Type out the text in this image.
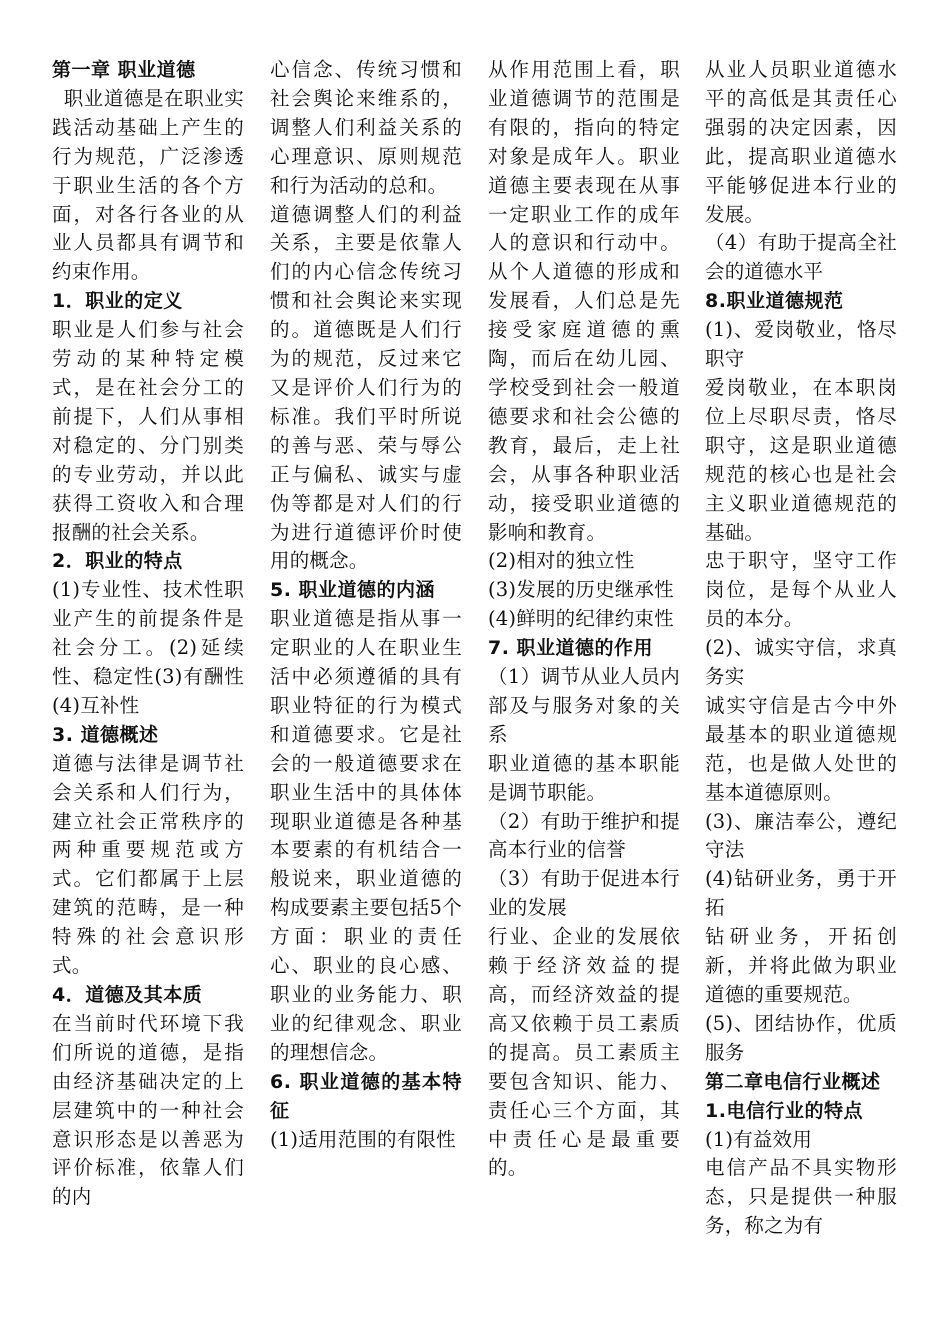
第一章 职业道德

职业道德是在职业实践活动基础上产生的行为规范，广泛渗透于职业生活的各个方面，对各行各业的从业人员都具有调节和约束作用。

1．职业的定义

职业是人们参与社会劳动的某种特定模式，是在社会分工的前提下，人们从事相对稳定的、分门别类的专业劳动，并以此获得工资收入和合理报酬的社会关系。

2．职业的特点

(1)专业性、技术性职业产生的前提条件是社会分工。(2)延续性、稳定性(3)有酬性(4)互补性

3. 道德概述

道德与法律是调节社会关系和人们行为，建立社会正常秩序的两种重要规范或方式。它们都属于上层建筑的范畴，是一种特殊的社会意识形式。

4．道德及其本质

在当前时代环境下我们所说的道德，是指由经济基础决定的上层建筑中的一种社会意识形态是以善恶为评价标准，依靠人们的内

心信念、传统习惯和社会舆论来维系的，调整人们利益关系的心理意识、原则规范和行为活动的总和。

道德调整人们的利益关系，主要是依靠人们的内心信念传统习惯和社会舆论来实现的。道德既是人们行为的规范，反过来它又是评价人们行为的标准。我们平时所说的善与恶、荣与辱公正与偏私、诚实与虚伪等都是对人们的行为进行道德评价时使用的概念。

5. 职业道德的内涵

职业道德是指从事一定职业的人在职业生活中必须遵循的具有职业特征的行为模式和道德要求。它是社会的一般道德要求在职业生活中的具体体现职业道德是各种基本要素的有机结合一般说来，职业道德的构成要素主要包括5个方面：职业的责任心、职业的良心感、职业的业务能力、职业的纪律观念、职业的理想信念。

6. 职业道德的基本特征

(1)适用范围的有限性

从作用范围上看，职业道德调节的范围是有限的，指向的特定对象是成年人。职业道德主要表现在从事一定职业工作的成年人的意识和行动中。从个人道德的形成和发展看，人们总是先接受家庭道德的熏陶，而后在幼儿园、学校受到社会一般道德要求和社会公德的教育，最后，走上社会，从事各种职业活动，接受职业道德的影响和教育。

(2)相对的独立性

(3)发展的历史继承性

(4)鲜明的纪律约束性

7. 职业道德的作用

（1）调节从业人员内部及与服务对象的关系

职业道德的基本职能是调节职能。

（2）有助于维护和提高本行业的信誉

（3）有助于促进本行业的发展

行业、企业的发展依赖于经济效益的提高，而经济效益的提高又依赖于员工素质的提高。员工素质主要包含知识、能力、责任心三个方面，其中责任心是最重要的。

从业人员职业道德水平的高低是其责任心强弱的决定因素，因此，提高职业道德水平能够促进本行业的发展。

（4）有助于提高全社会的道德水平

8.职业道德规范

(1)、爱岗敬业，恪尽职守

爱岗敬业，在本职岗位上尽职尽责，恪尽职守，这是职业道德规范的核心也是社会主义职业道德规范的基础。

忠于职守，坚守工作岗位，是每个从业人员的本分。

(2)、诚实守信，求真务实

诚实守信是古今中外最基本的职业道德规范，也是做人处世的基本道德原则。

(3)、廉洁奉公，遵纪守法

(4)钻研业务，勇于开拓

钻研业务，开拓创新，并将此做为职业道德的重要规范。

(5)、团结协作，优质服务

第二章电信行业概述

1.电信行业的特点

(1)有益效用

电信产品不具实物形态，只是提供一种服务，称之为有
